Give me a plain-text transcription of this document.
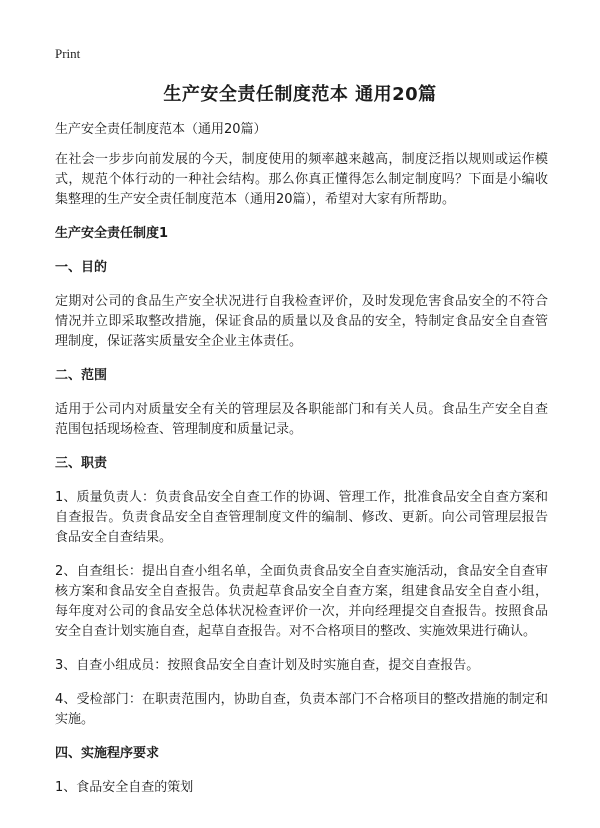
Print
生产安全责任制度范本 通用20篇

生产安全责任制度范本（通用20篇）

在社会一步步向前发展的今天，制度使用的频率越来越高，制度泛指以规则或运作模式，规范个体行动的一种社会结构。那么你真正懂得怎么制定制度吗？下面是小编收集整理的生产安全责任制度范本（通用20篇），希望对大家有所帮助。

生产安全责任制度1
一、目的

定期对公司的食品生产安全状况进行自我检查评价，及时发现危害食品安全的不符合情况并立即采取整改措施，保证食品的质量以及食品的安全，特制定食品安全自查管理制度，保证落实质量安全企业主体责任。

二、范围

适用于公司内对质量安全有关的管理层及各职能部门和有关人员。食品生产安全自查范围包括现场检查、管理制度和质量记录。

三、职责

1、质量负责人：负责食品安全自查工作的协调、管理工作，批准食品安全自查方案和自查报告。负责食品安全自查管理制度文件的编制、修改、更新。向公司管理层报告食品安全自查结果。

2、自查组长：提出自查小组名单，全面负责食品安全自查实施活动，食品安全自查审核方案和食品安全自查报告。负责起草食品安全自查方案，组建食品安全自查小组，每年度对公司的食品安全总体状况检查评价一次，并向经理提交自查报告。按照食品安全自查计划实施自查，起草自查报告。对不合格项目的整改、实施效果进行确认。

3、自查小组成员：按照食品安全自查计划及时实施自查，提交自查报告。

4、受检部门：在职责范围内，协助自查，负责本部门不合格项目的整改措施的制定和实施。

四、实施程序要求

1、食品安全自查的策划
